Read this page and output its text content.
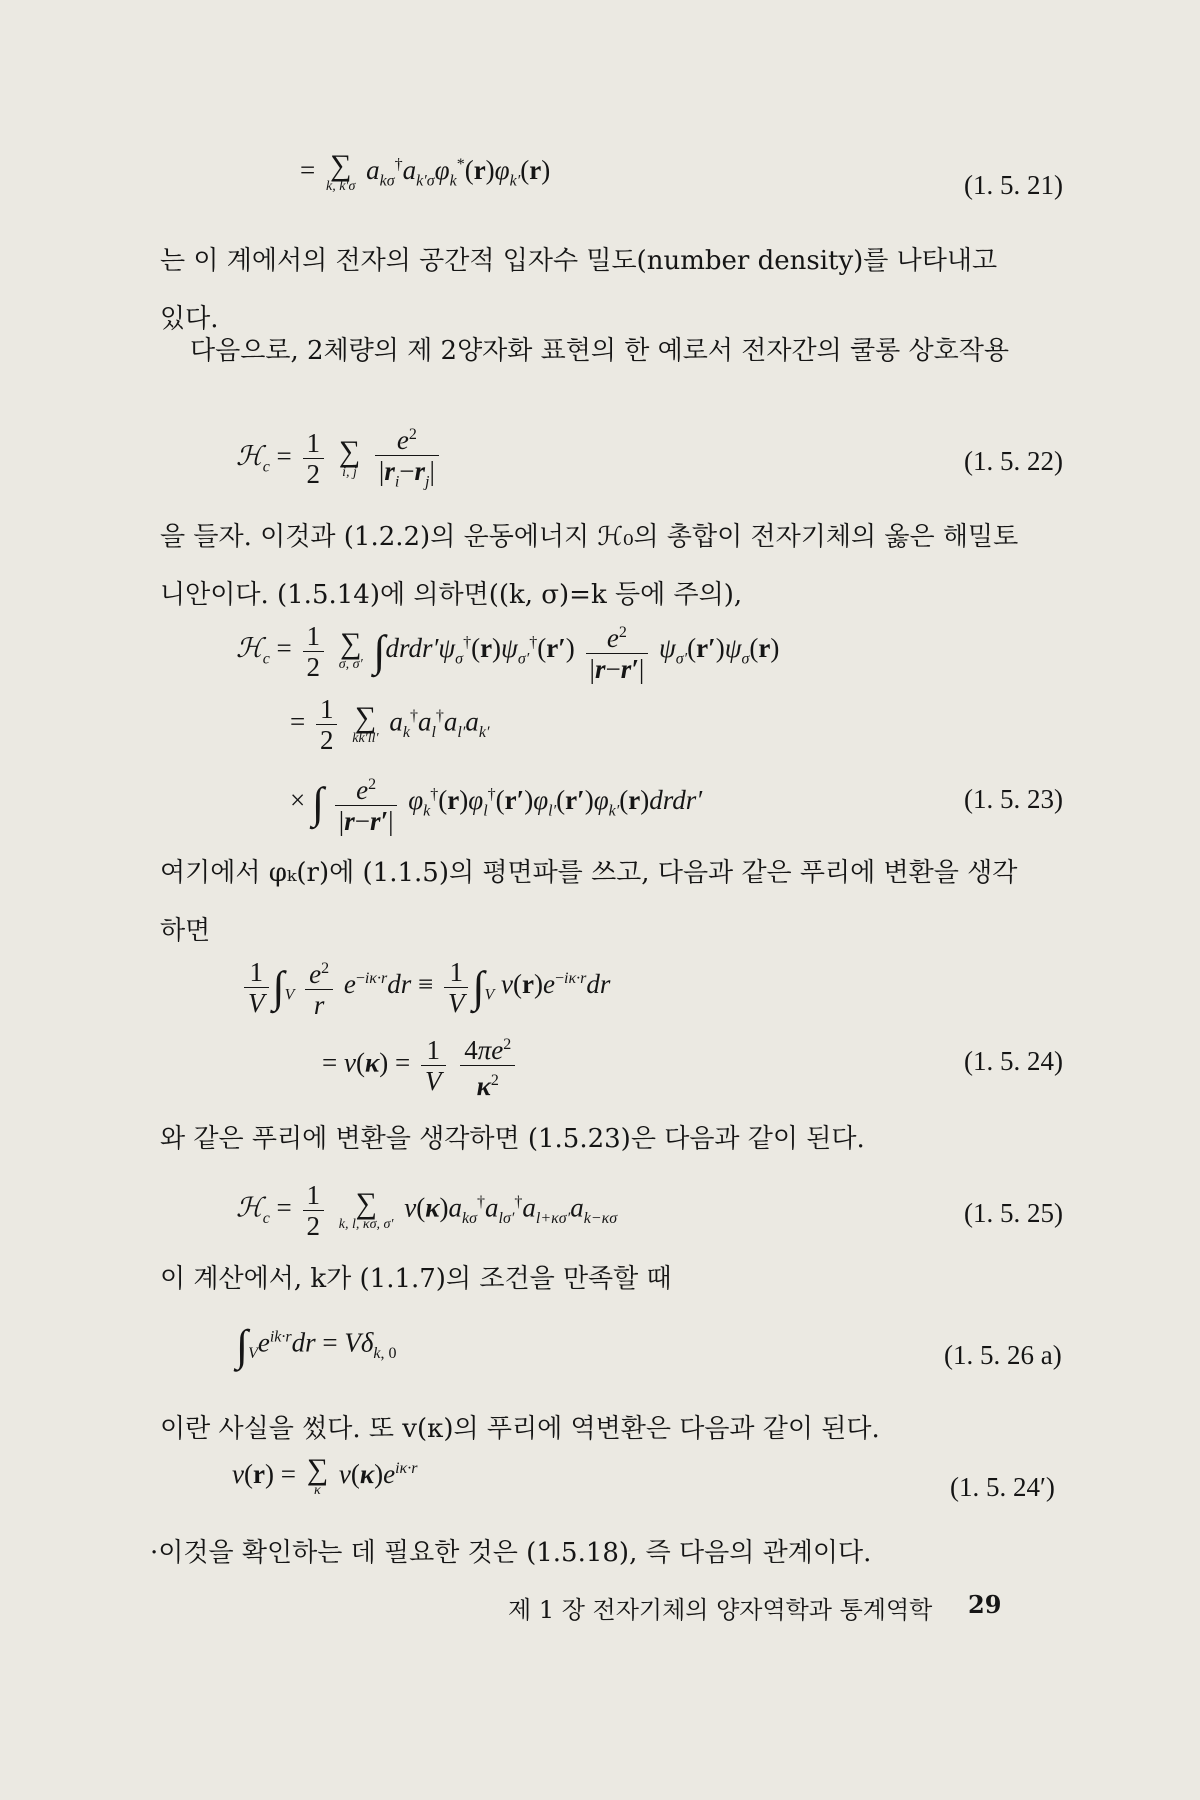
= ∑
k, k′σ
$a_{k\sigma}^\dagger a_{k'\sigma}\varphi_k^*(r)\varphi_{k'}(r)$	(1. 5. 21)

는 이 계에서의 전자의 공간적 입자수 밀도(number density)를 나타내고 있다.

다음으로, 2체량의 제 2양자화 표현의 한 예로서 전자간의 쿨롱 상호작용

ℋ$_c$ = $\frac{1}{2}$
∑
i, j
$\frac{e^2}{|r_i-r_j|}$	(1. 5. 22)

을 들자. 이것과 (1.2.2)의 운동에너지 ℋ₀의 총합이 전자기체의 옳은 해밀토니안이다. (1.5.14)에 의하면((k, σ)=k 등에 주의),

ℋ$_c$ = $\frac{1}{2}$
∑
σ, σ′ $\int drdr'\psi_\sigma^\dagger(r)\psi_{\sigma'}^\dagger(r') \frac{e^2}{|r-r'|} \psi_{\sigma'}(r')\psi_\sigma(r)$
= $\frac{1}{2}$
∑
kk′ll′
$a_k^\dagger a_l^\dagger a_{l'}a_{k'}$
× ∫ $\frac{e^2}{|r-r'|}$ $\varphi_k^\dagger(r)\varphi_l^\dagger(r')\varphi_{l'}(r')\varphi_{k'}(r)drdr'$	(1. 5. 23)

여기에서 φₖ(r)에 (1.1.5)의 평면파를 쓰고, 다음과 같은 푸리에 변환을 생각하면

$\frac{1}{V} \int_V \frac{e^2}{r} e^{-i\kappa\cdot r}dr \equiv \frac{1}{V} \int_V$ $v(r)e^{-i\kappa\cdot r}dr$
= $v(\kappa) = \frac{1}{V}$
$\frac{4\pi e^2}{\kappa^2}$	(1. 5. 24)

와 같은 푸리에 변환을 생각하면 (1.5.23)은 다음과 같이 된다.

ℋ$_c$ = $\frac{1}{2}$
	∑
k, l, κσ, σ′
$v(\kappa)a_{k\sigma}^\dagger a_{l\sigma'}^\dagger a_{l+\kappa\sigma'}a_{k-\kappa\sigma}$	(1. 5. 25)

이 계산에서, k가 (1.1.7)의 조건을 만족할 때

$\int_Ve^{ik\cdot r}dr = V\delta_{k, 0}$	(1. 5. 26 a)

이란 사실을 썼다. 또 v(κ)의 푸리에 역변환은 다음과 같이 된다.

v(r) = ∑
κ
$v(\kappa)e^{i\kappa\cdot r}$
(1. 5. 24′)

·이것을 확인하는 데 필요한 것은 (1.5.18), 즉 다음의 관계이다.

제 1 장 전자기체의 양자역학과 통계역학 29
